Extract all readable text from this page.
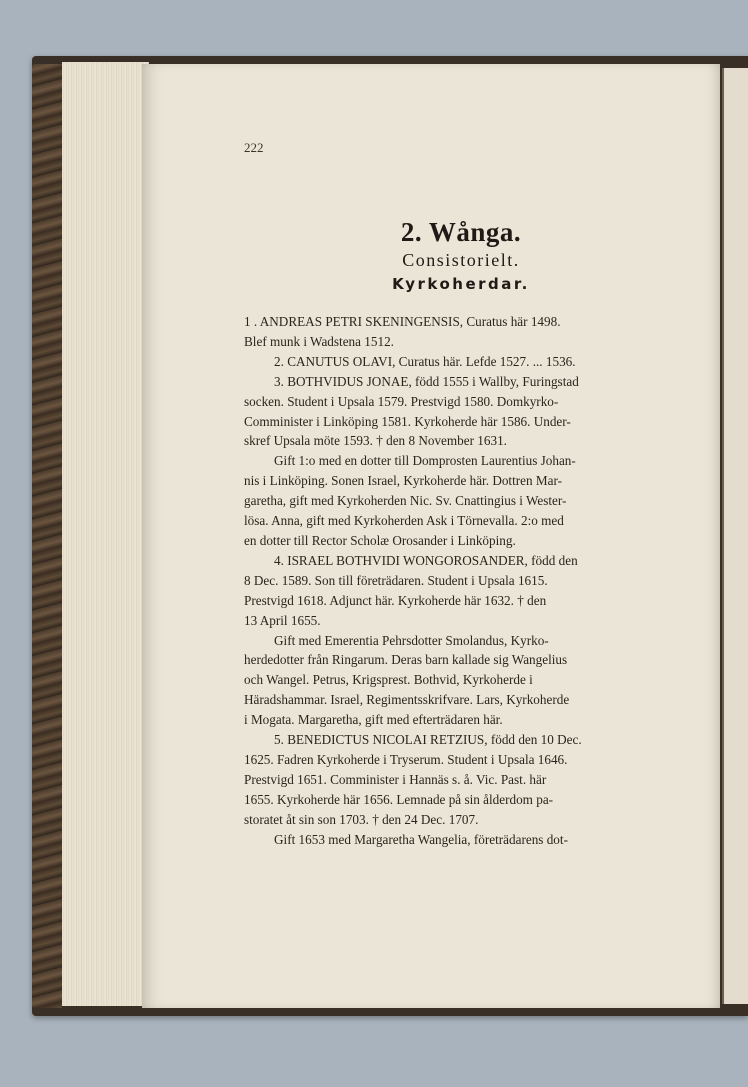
222
2. Wånga.
Consistorielt.
Kyrkoherdar.

1 . ANDREAS PETRI SKENINGENSIS, Curatus här 1498.

Blef munk i Wadstena 1512.

2. CANUTUS OLAVI, Curatus här. Lefde 1527. ... 1536.

3. BOTHVIDUS JONAE, född 1555 i Wallby, Furingstad

socken. Student i Upsala 1579. Prestvigd 1580. Domkyrko-

Comminister i Linköping 1581. Kyrkoherde här 1586. Under-

skref Upsala möte 1593. † den 8 November 1631.

Gift 1:o med en dotter till Domprosten Laurentius Johan-

nis i Linköping. Sonen Israel, Kyrkoherde här. Dottren Mar-

garetha, gift med Kyrkoherden Nic. Sv. Cnattingius i Wester-

lösa. Anna, gift med Kyrkoherden Ask i Törnevalla. 2:o med

en dotter till Rector Scholæ Orosander i Linköping.

4. ISRAEL BOTHVIDI WONGOROSANDER, född den

8 Dec. 1589. Son till företrädaren. Student i Upsala 1615.

Prestvigd 1618. Adjunct här. Kyrkoherde här 1632. † den

13 April 1655.

Gift med Emerentia Pehrsdotter Smolandus, Kyrko-

herdedotter från Ringarum. Deras barn kallade sig Wangelius

och Wangel. Petrus, Krigsprest. Bothvid, Kyrkoherde i

Häradshammar. Israel, Regimentsskrifvare. Lars, Kyrkoherde

i Mogata. Margaretha, gift med efterträdaren här.

5. BENEDICTUS NICOLAI RETZIUS, född den 10 Dec.

1625. Fadren Kyrkoherde i Tryserum. Student i Upsala 1646.

Prestvigd 1651. Comminister i Hannäs s. å. Vic. Past. här

1655. Kyrkoherde här 1656. Lemnade på sin ålderdom pa-

storatet åt sin son 1703. † den 24 Dec. 1707.

Gift 1653 med Margaretha Wangelia, företrädarens dot-
